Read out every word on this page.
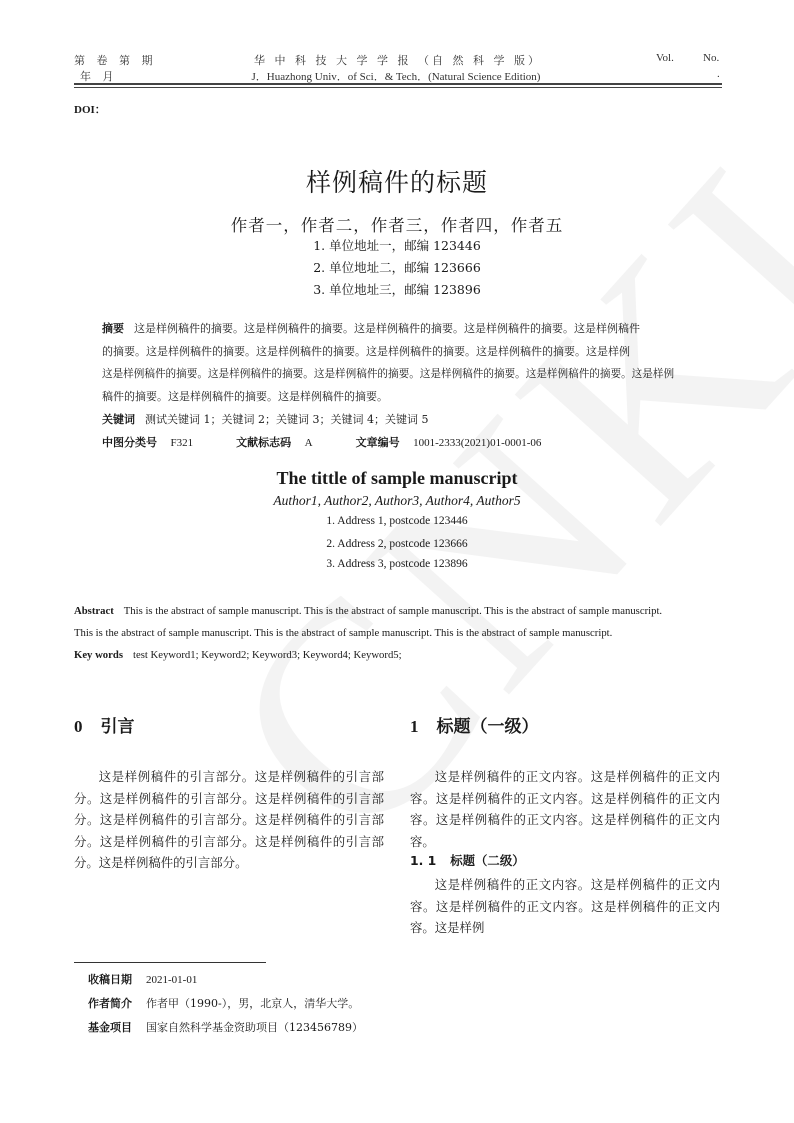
第 卷 第 期
年 月
华 中 科 技 大 学 学 报 （自 然 科 学 版）
J．Huazhong Univ．of Sci．& Tech．(Natural Science Edition)
Vol.	No.
.
DOI：
样例稿件的标题
作者一，作者二，作者三，作者四，作者五
1. 单位地址一，邮编 123446
2. 单位地址二，邮编 123666
3. 单位地址三，邮编 123896
摘要 这是样例稿件的摘要。这是样例稿件的摘要。这是样例稿件的摘要。这是样例稿件的摘要。这是样例稿件
的摘要。这是样例稿件的摘要。这是样例稿件的摘要。这是样例稿件的摘要。这是样例稿件的摘要。这是样例
这是样例稿件的摘要。这是样例稿件的摘要。这是样例稿件的摘要。这是样例稿件的摘要。这是样例稿件的摘要。这是样例
稿件的摘要。这是样例稿件的摘要。这是样例稿件的摘要。
关键词 测试关键词 1；关键词 2；关键词 3；关键词 4；关键词 5
中图分类号 F321	文献标志码 A	文章编号 1001-2333(2021)01-0001-06
The tittle of sample manuscript
Author1, Author2, Author3, Author4, Author5
1. Address 1, postcode 123446
2. Address 2, postcode 123666
3. Address 3, postcode 123896
Abstract This is the abstract of sample manuscript. This is the abstract of sample manuscript. This is the abstract of sample manuscript.
This is the abstract of sample manuscript. This is the abstract of sample manuscript. This is the abstract of sample manuscript.
Key words test Keyword1; Keyword2; Keyword3; Keyword4; Keyword5;
0 引言
这是样例稿件的引言部分。这是样例稿件的引言部分。这是样例稿件的引言部分。这是样例稿件的引言部分。这是样例稿件的引言部分。这是样例稿件的引言部分。这是样例稿件的引言部分。这是样例稿件的引言部分。这是样例稿件的引言部分。
1 标题（一级）
这是样例稿件的正文内容。这是样例稿件的正文内容。这是样例稿件的正文内容。这是样例稿件的正文内容。这是样例稿件的正文内容。这是样例稿件的正文内容。
1. 1 标题（二级）
这是样例稿件的正文内容。这是样例稿件的正文内容。这是样例稿件的正文内容。这是样例稿件的正文内容。这是样例
收稿日期 2021-01-01
作者简介 作者甲（1990-），男，北京人，清华大学。
基金项目 国家自然科学基金资助项目（123456789）
